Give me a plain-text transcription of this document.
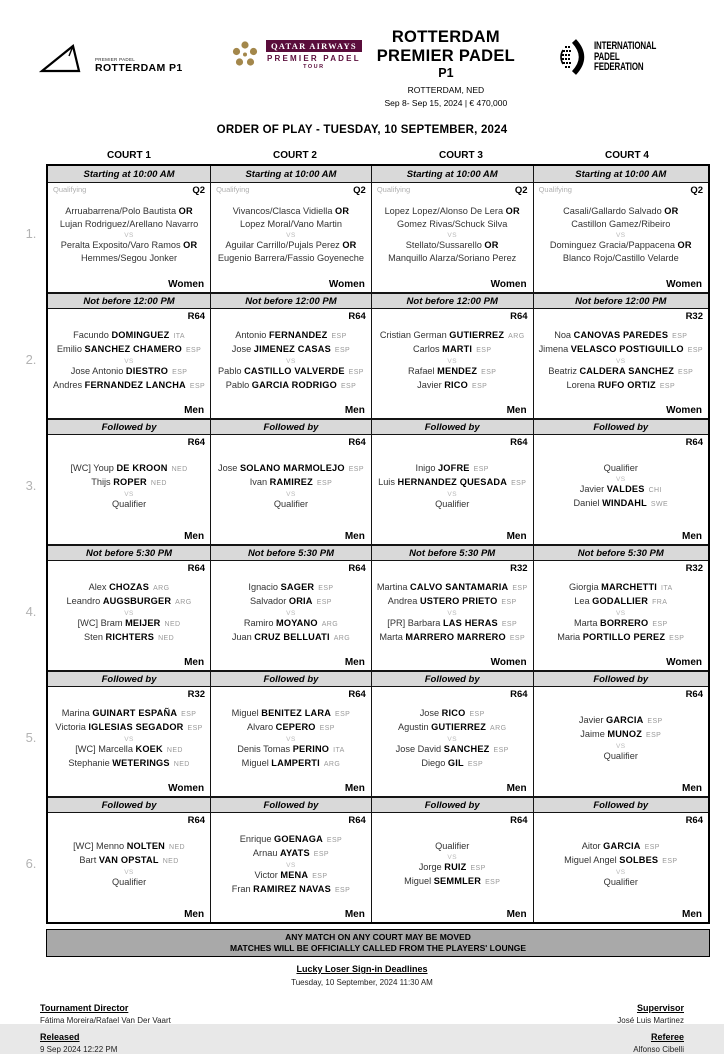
PREMIER PADEL
ROTTERDAM P1
QATAR AIRWAYS
PREMIER PADEL
TOUR
ROTTERDAM PREMIER PADEL
P1
ROTTERDAM, NED
Sep 8- Sep 15, 2024 | € 470,000
INTERNATIONAL
PADEL
FEDERATION
ORDER OF PLAY - TUESDAY, 10 SEPTEMBER, 2024
1.
2.
3.
4.
5.
6.
COURT 1	COURT 2	COURT 3	COURT 4
Starting at 10:00 AM	Starting at 10:00 AM	Starting at 10:00 AM	Starting at 10:00 AM
Qualifying	Q2
Arruabarrena/Polo Bautista OR
Lujan Rodriguez/Arellano Navarro
VS
Peralta Exposito/Varo Ramos OR
Hemmes/Segou Jonker
Women
Qualifying	Q2
Vivancos/Clasca Vidiella OR
Lopez Moral/Vano Martin
VS
Aguilar Carrillo/Pujals Perez OR
Eugenio Barrera/Fassio Goyeneche
Women
Qualifying	Q2
Lopez Lopez/Alonso De Lera OR
Gomez Rivas/Schuck Silva
VS
Stellato/Sussarello OR
Manquillo Alarza/Soriano Perez
Women
Qualifying	Q2
Casali/Gallardo Salvado OR
Castillon Gamez/Ribeiro
VS
Dominguez Gracia/Pappacena OR
Blanco Rojo/Castillo Velarde
Women
Not before 12:00 PM	Not before 12:00 PM	Not before 12:00 PM	Not before 12:00 PM
R64
Facundo DOMINGUEZ ITA
Emilio SANCHEZ CHAMERO ESP
VS
Jose Antonio DIESTRO ESP
Andres FERNANDEZ LANCHA ESP
Men
R64
Antonio FERNANDEZ ESP
Jose JIMENEZ CASAS ESP
VS
Pablo CASTILLO VALVERDE ESP
Pablo GARCIA RODRIGO ESP
Men
R64
Cristian German GUTIERREZ ARG
Carlos MARTI ESP
VS
Rafael MENDEZ ESP
Javier RICO ESP
Men
R32
Noa CANOVAS PAREDES ESP
Jimena VELASCO POSTIGUILLO ESP
VS
Beatriz CALDERA SANCHEZ ESP
Lorena RUFO ORTIZ ESP
Women
Followed by	Followed by	Followed by	Followed by
R64
[WC] Youp DE KROON NED
Thijs ROPER NED
VS
Qualifier
Men
R64
Jose SOLANO MARMOLEJO ESP
Ivan RAMIREZ ESP
VS
Qualifier
Men
R64
Inigo JOFRE ESP
Luis HERNANDEZ QUESADA ESP
VS
Qualifier
Men
R64
Qualifier
VS
Javier VALDES CHI
Daniel WINDAHL SWE
Men
Not before 5:30 PM	Not before 5:30 PM	Not before 5:30 PM	Not before 5:30 PM
R64
Alex CHOZAS ARG
Leandro AUGSBURGER ARG
VS
[WC] Bram MEIJER NED
Sten RICHTERS NED
Men
R64
Ignacio SAGER ESP
Salvador ORIA ESP
VS
Ramiro MOYANO ARG
Juan CRUZ BELLUATI ARG
Men
R32
Martina CALVO SANTAMARIA ESP
Andrea USTERO PRIETO ESP
VS
[PR] Barbara LAS HERAS ESP
Marta MARRERO MARRERO ESP
Women
R32
Giorgia MARCHETTI ITA
Lea GODALLIER FRA
VS
Marta BORRERO ESP
Maria PORTILLO PEREZ ESP
Women
Followed by	Followed by	Followed by	Followed by
R32
Marina GUINART ESPAÑA ESP
Victoria IGLESIAS SEGADOR ESP
VS
[WC] Marcella KOEK NED
Stephanie WETERINGS NED
Women
R64
Miguel BENITEZ LARA ESP
Alvaro CEPERO ESP
VS
Denis Tomas PERINO ITA
Miguel LAMPERTI ARG
Men
R64
Jose RICO ESP
Agustin GUTIERREZ ARG
VS
Jose David SANCHEZ ESP
Diego GIL ESP
Men
R64
Javier GARCIA ESP
Jaime MUNOZ ESP
VS
Qualifier
Men
Followed by	Followed by	Followed by	Followed by
R64
[WC] Menno NOLTEN NED
Bart VAN OPSTAL NED
VS
Qualifier
Men
R64
Enrique GOENAGA ESP
Arnau AYATS ESP
VS
Victor MENA ESP
Fran RAMIREZ NAVAS ESP
Men
R64
Qualifier
VS
Jorge RUIZ ESP
Miguel SEMMLER ESP
Men
R64
Aitor GARCIA ESP
Miguel Angel SOLBES ESP
VS
Qualifier
Men
ANY MATCH ON ANY COURT MAY BE MOVED
MATCHES WILL BE OFFICIALLY CALLED FROM THE PLAYERS' LOUNGE
Lucky Loser Sign-in Deadlines
Tuesday, 10 September, 2024 11:30 AM
Tournament Director
Fátima Moreira/Rafael Van Der Vaart
Released
9 Sep 2024 12:22 PM
Supervisor
José Luis Martinez
Referee
Alfonso Cibelli
